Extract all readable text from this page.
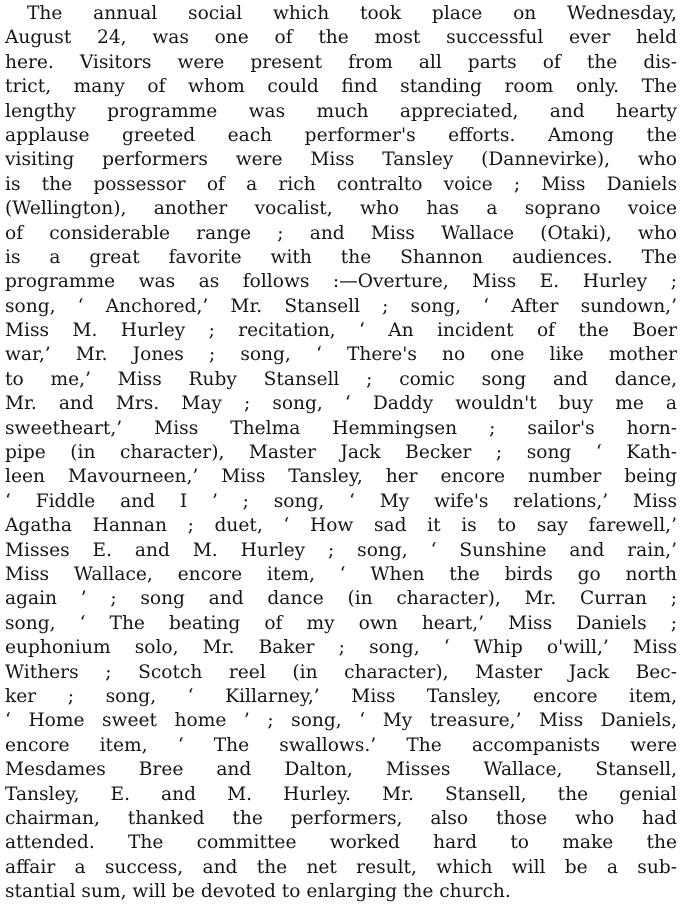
The annual social which took place on Wednesday,
August 24, was one of the most successful ever held
here. Visitors were present from all parts of the dis-
trict, many of whom could find standing room only. The
lengthy programme was much appreciated, and hearty
applause greeted each performer's efforts. Among the
visiting performers were Miss Tansley (Dannevirke), who
is the possessor of a rich contralto voice ; Miss Daniels
(Wellington), another vocalist, who has a soprano voice
of considerable range ; and Miss Wallace (Otaki), who
is a great favorite with the Shannon audiences. The
programme was as follows :—Overture, Miss E. Hurley ;
song, ‘ Anchored,’ Mr. Stansell ; song, ‘ After sundown,’
Miss M. Hurley ; recitation, ‘ An incident of the Boer
war,’ Mr. Jones ; song, ‘ There's no one like mother
to me,’ Miss Ruby Stansell ; comic song and dance,
Mr. and Mrs. May ; song, ‘ Daddy wouldn't buy me a
sweetheart,’ Miss Thelma Hemmingsen ; sailor's horn-
pipe (in character), Master Jack Becker ; song ‘ Kath-
leen Mavourneen,’ Miss Tansley, her encore number being
‘ Fiddle and I ’ ; song, ‘ My wife's relations,’ Miss
Agatha Hannan ; duet, ‘ How sad it is to say farewell,’
Misses E. and M. Hurley ; song, ‘ Sunshine and rain,’
Miss Wallace, encore item, ‘ When the birds go north
again ’ ; song and dance (in character), Mr. Curran ;
song, ‘ The beating of my own heart,’ Miss Daniels ;
euphonium solo, Mr. Baker ; song, ‘ Whip o'will,’ Miss
Withers ; Scotch reel (in character), Master Jack Bec-
ker ; song, ‘ Killarney,’ Miss Tansley, encore item,
‘ Home sweet home ’ ; song, ‘ My treasure,’ Miss Daniels,
encore item, ‘ The swallows.’ The accompanists were
Mesdames Bree and Dalton, Misses Wallace, Stansell,
Tansley, E. and M. Hurley. Mr. Stansell, the genial
chairman, thanked the performers, also those who had
attended. The committee worked hard to make the
affair a success, and the net result, which will be a sub-
stantial sum, will be devoted to enlarging the church.
